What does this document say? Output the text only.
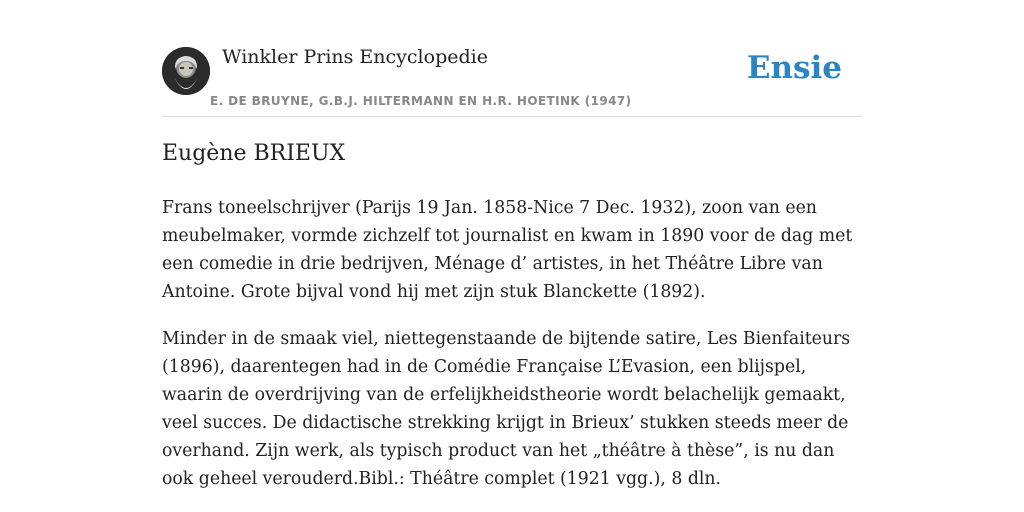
Winkler Prins Encyclopedie
E. DE BRUYNE, G.B.J. HILTERMANN EN H.R. HOETINK (1947)
Ensie
Eugène BRIEUX

Frans toneelschrijver (Parijs 19 Jan. 1858-Nice 7 Dec. 1932), zoon van een meubelmaker, vormde zichzelf tot journalist en kwam in 1890 voor de dag met een comedie in drie bedrijven, Ménage d’ artistes, in het Théâtre Libre van Antoine. Grote bijval vond hij met zijn stuk Blanckette (1892).

Minder in de smaak viel, niettegenstaande de bijtende satire, Les Bienfaiteurs (1896), daarentegen had in de Comédie Française L’Evasion, een blijspel, waarin de overdrijving van de erfelijkheidstheorie wordt belachelijk gemaakt, veel succes. De didactische strekking krijgt in Brieux’ stukken steeds meer de overhand. Zijn werk, als typisch product van het „théâtre à thèse”, is nu dan ook geheel verouderd.Bibl.: Théâtre complet (1921 vgg.), 8 dln.
